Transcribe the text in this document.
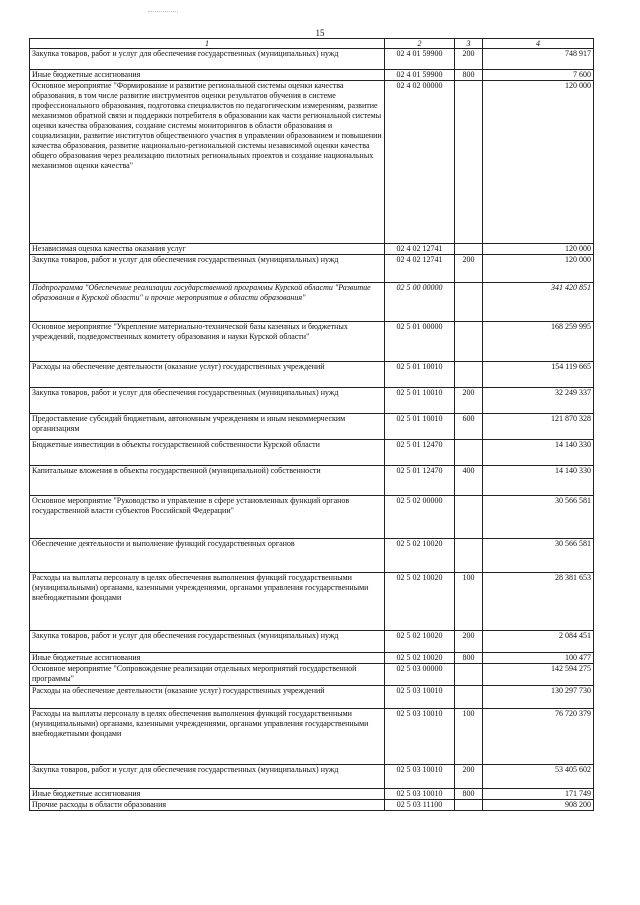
15
1	2	3	4
Закупка товаров, работ и услуг для обеспечения государственных (муниципальных) нужд	02 4 01 59900	200	748 917
Иные бюджетные ассигнования	02 4 01 59900	800	7 600
Основное мероприятие "Формирование и развитие региональной системы оценки качества образования, в том числе развитие инструментов оценки результатов обучения в системе профессионального образования, подготовка специалистов по педагогическим измерениям, развитие механизмов обратной связи и поддержки потребителя в образовании как части региональной системы оценки качества образования, создание системы мониторингов в области образования и социализации, развитие институтов общественного участия в управлении образованием и повышении качества образования, развитие национально-региональной системы независимой оценки качества общего образования через реализацию пилотных региональных проектов и создание национальных механизмов оценки качества"	02 4 02 00000		120 000
Независимая оценка качества оказания услуг	02 4 02 12741		120 000
Закупка товаров, работ и услуг для обеспечения государственных (муниципальных) нужд	02 4 02 12741	200	120 000
Подпрограмма "Обеспечение реализации государственной программы Курской области "Развитие образования в Курской области" и прочие мероприятия в области образования"	02 5 00 00000		341 420 851
Основное мероприятие "Укрепление материально-технической базы казенных и бюджетных учреждений, подведомственных комитету образования и науки Курской области"	02 5 01 00000		168 259 995
Расходы на обеспечение деятельности (оказание услуг) государственных учреждений	02 5 01 10010		154 119 665
Закупка товаров, работ и услуг для обеспечения государственных (муниципальных) нужд	02 5 01 10010	200	32 249 337
Предоставление субсидий бюджетным, автономным учреждениям и иным некоммерческим организациям	02 5 01 10010	600	121 870 328
Бюджетные инвестиции в объекты государственной собственности Курской области	02 5 01 12470		14 140 330
Капитальные вложения в объекты государственной (муниципальной) собственности	02 5 01 12470	400	14 140 330
Основное мероприятие "Руководство и управление в сфере установленных функций органов государственной власти субъектов Российской Федерации"	02 5 02 00000		30 566 581
Обеспечение деятельности и выполнение функций государственных органов	02 5 02 10020		30 566 581
Расходы на выплаты персоналу в целях обеспечения выполнения функций государственными (муниципальными) органами, казенными учреждениями, органами управления государственными внебюджетными фондами	02 5 02 10020	100	28 381 653
Закупка товаров, работ и услуг для обеспечения государственных (муниципальных) нужд	02 5 02 10020	200	2 084 451
Иные бюджетные ассигнования	02 5 02 10020	800	100 477
Основное мероприятие "Сопровождение реализации отдельных мероприятий государственной программы"	02 5 03 00000		142 594 275
Расходы на обеспечение деятельности (оказание услуг) государственных учреждений	02 5 03 10010		130 297 730
Расходы на выплаты персоналу в целях обеспечения выполнения функций государственными (муниципальными) органами, казенными учреждениями, органами управления государственными внебюджетными фондами	02 5 03 10010	100	76 720 379
Закупка товаров, работ и услуг для обеспечения государственных (муниципальных) нужд	02 5 03 10010	200	53 405 602
Иные бюджетные ассигнования	02 5 03 10010	800	171 749
Прочие расходы в области образования	02 5 03 11100		908 200
